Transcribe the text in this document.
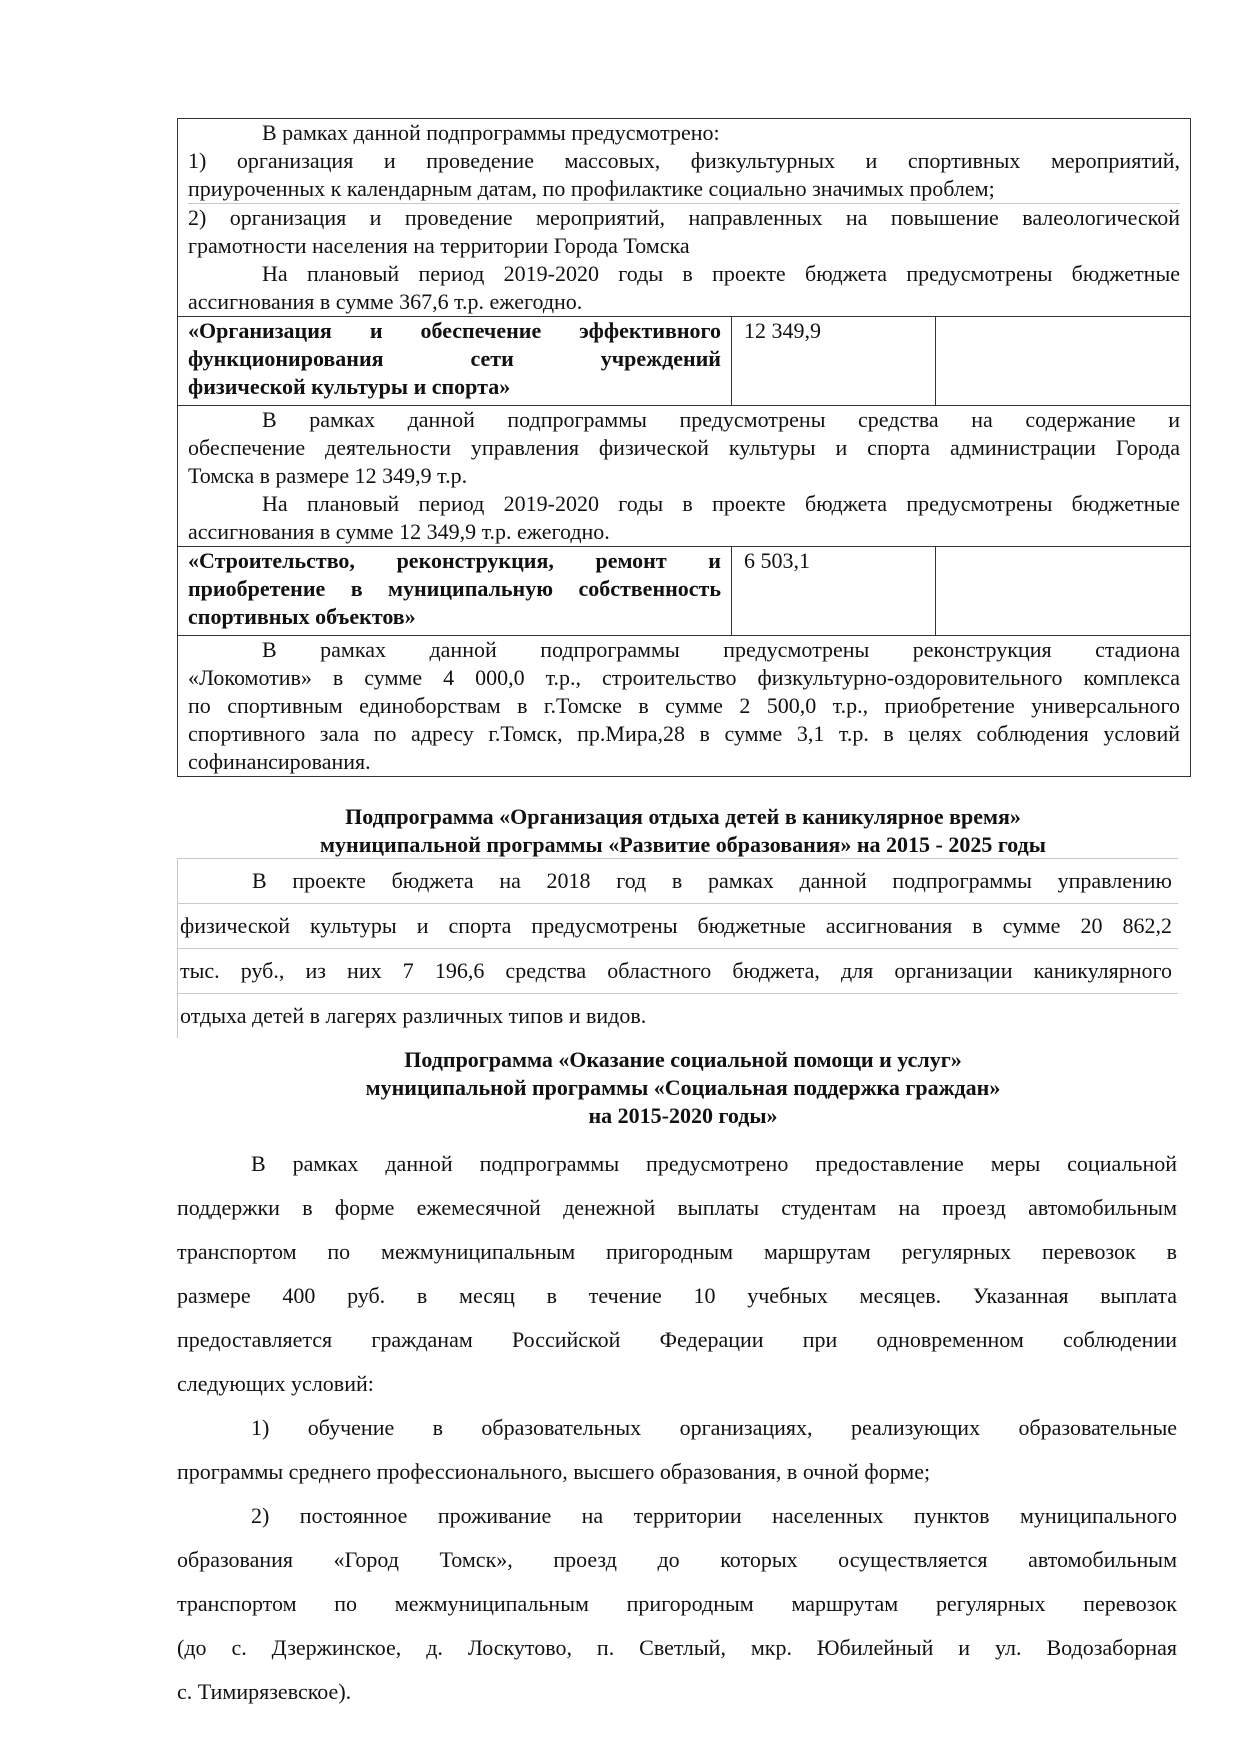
В рамках данной подпрограммы предусмотрено:

1) организация и проведение массовых, физкультурных и спортивных мероприятий,

приуроченных к календарным датам, по профилактике социально значимых проблем;

2) организация и проведение мероприятий, направленных на повышение валеологической

грамотности населения на территории Города Томска

На плановый период 2019-2020 годы в проекте бюджета предусмотрены бюджетные

ассигнования в сумме 367,6 т.р. ежегодно.

«Организация и обеспечение эффективного
функционирования сети учреждений
физической культуры и спорта»
12 349,9

В рамках данной подпрограммы предусмотрены средства на содержание и

обеспечение деятельности управления физической культуры и спорта администрации Города

Томска в размере 12 349,9 т.р.

На плановый период 2019-2020 годы в проекте бюджета предусмотрены бюджетные

ассигнования в сумме 12 349,9 т.р. ежегодно.

«Строительство, реконструкция, ремонт и
приобретение в муниципальную собственность
спортивных объектов»
6 503,1

В рамках данной подпрограммы предусмотрены реконструкция стадиона

«Локомотив» в сумме 4 000,0 т.р., строительство физкультурно-оздоровительного комплекса

по спортивным единоборствам в г.Томске в сумме 2 500,0 т.р., приобретение универсального

спортивного зала по адресу г.Томск, пр.Мира,28 в сумме 3,1 т.р. в целях соблюдения условий

софинансирования.

Подпрограмма «Организация отдыха детей в каникулярное время»
муниципальной программы «Развитие образования» на 2015 - 2025 годы
В проекте бюджета на 2018 год в рамках данной подпрограммы управлению
физической культуры и спорта предусмотрены бюджетные ассигнования в сумме 20 862,2
тыс. руб., из них 7 196,6 средства областного бюджета, для организации каникулярного
отдыха детей в лагерях различных типов и видов.
Подпрограмма «Оказание социальной помощи и услуг»
муниципальной программы «Социальная поддержка граждан»
на 2015-2020 годы»
В рамках данной подпрограммы предусмотрено предоставление меры социальной
поддержки в форме ежемесячной денежной выплаты студентам на проезд автомобильным
транспортом по межмуниципальным пригородным маршрутам регулярных перевозок в
размере 400 руб. в месяц в течение 10 учебных месяцев. Указанная выплата
предоставляется гражданам Российской Федерации при одновременном соблюдении
следующих условий:
1) обучение в образовательных организациях, реализующих образовательные
программы среднего профессионального, высшего образования, в очной форме;
2) постоянное проживание на территории населенных пунктов муниципального
образования «Город Томск», проезд до которых осуществляется автомобильным
транспортом по межмуниципальным пригородным маршрутам регулярных перевозок
(до с. Дзержинское, д. Лоскутово, п. Светлый, мкр. Юбилейный и ул. Водозаборная
с. Тимирязевское).
